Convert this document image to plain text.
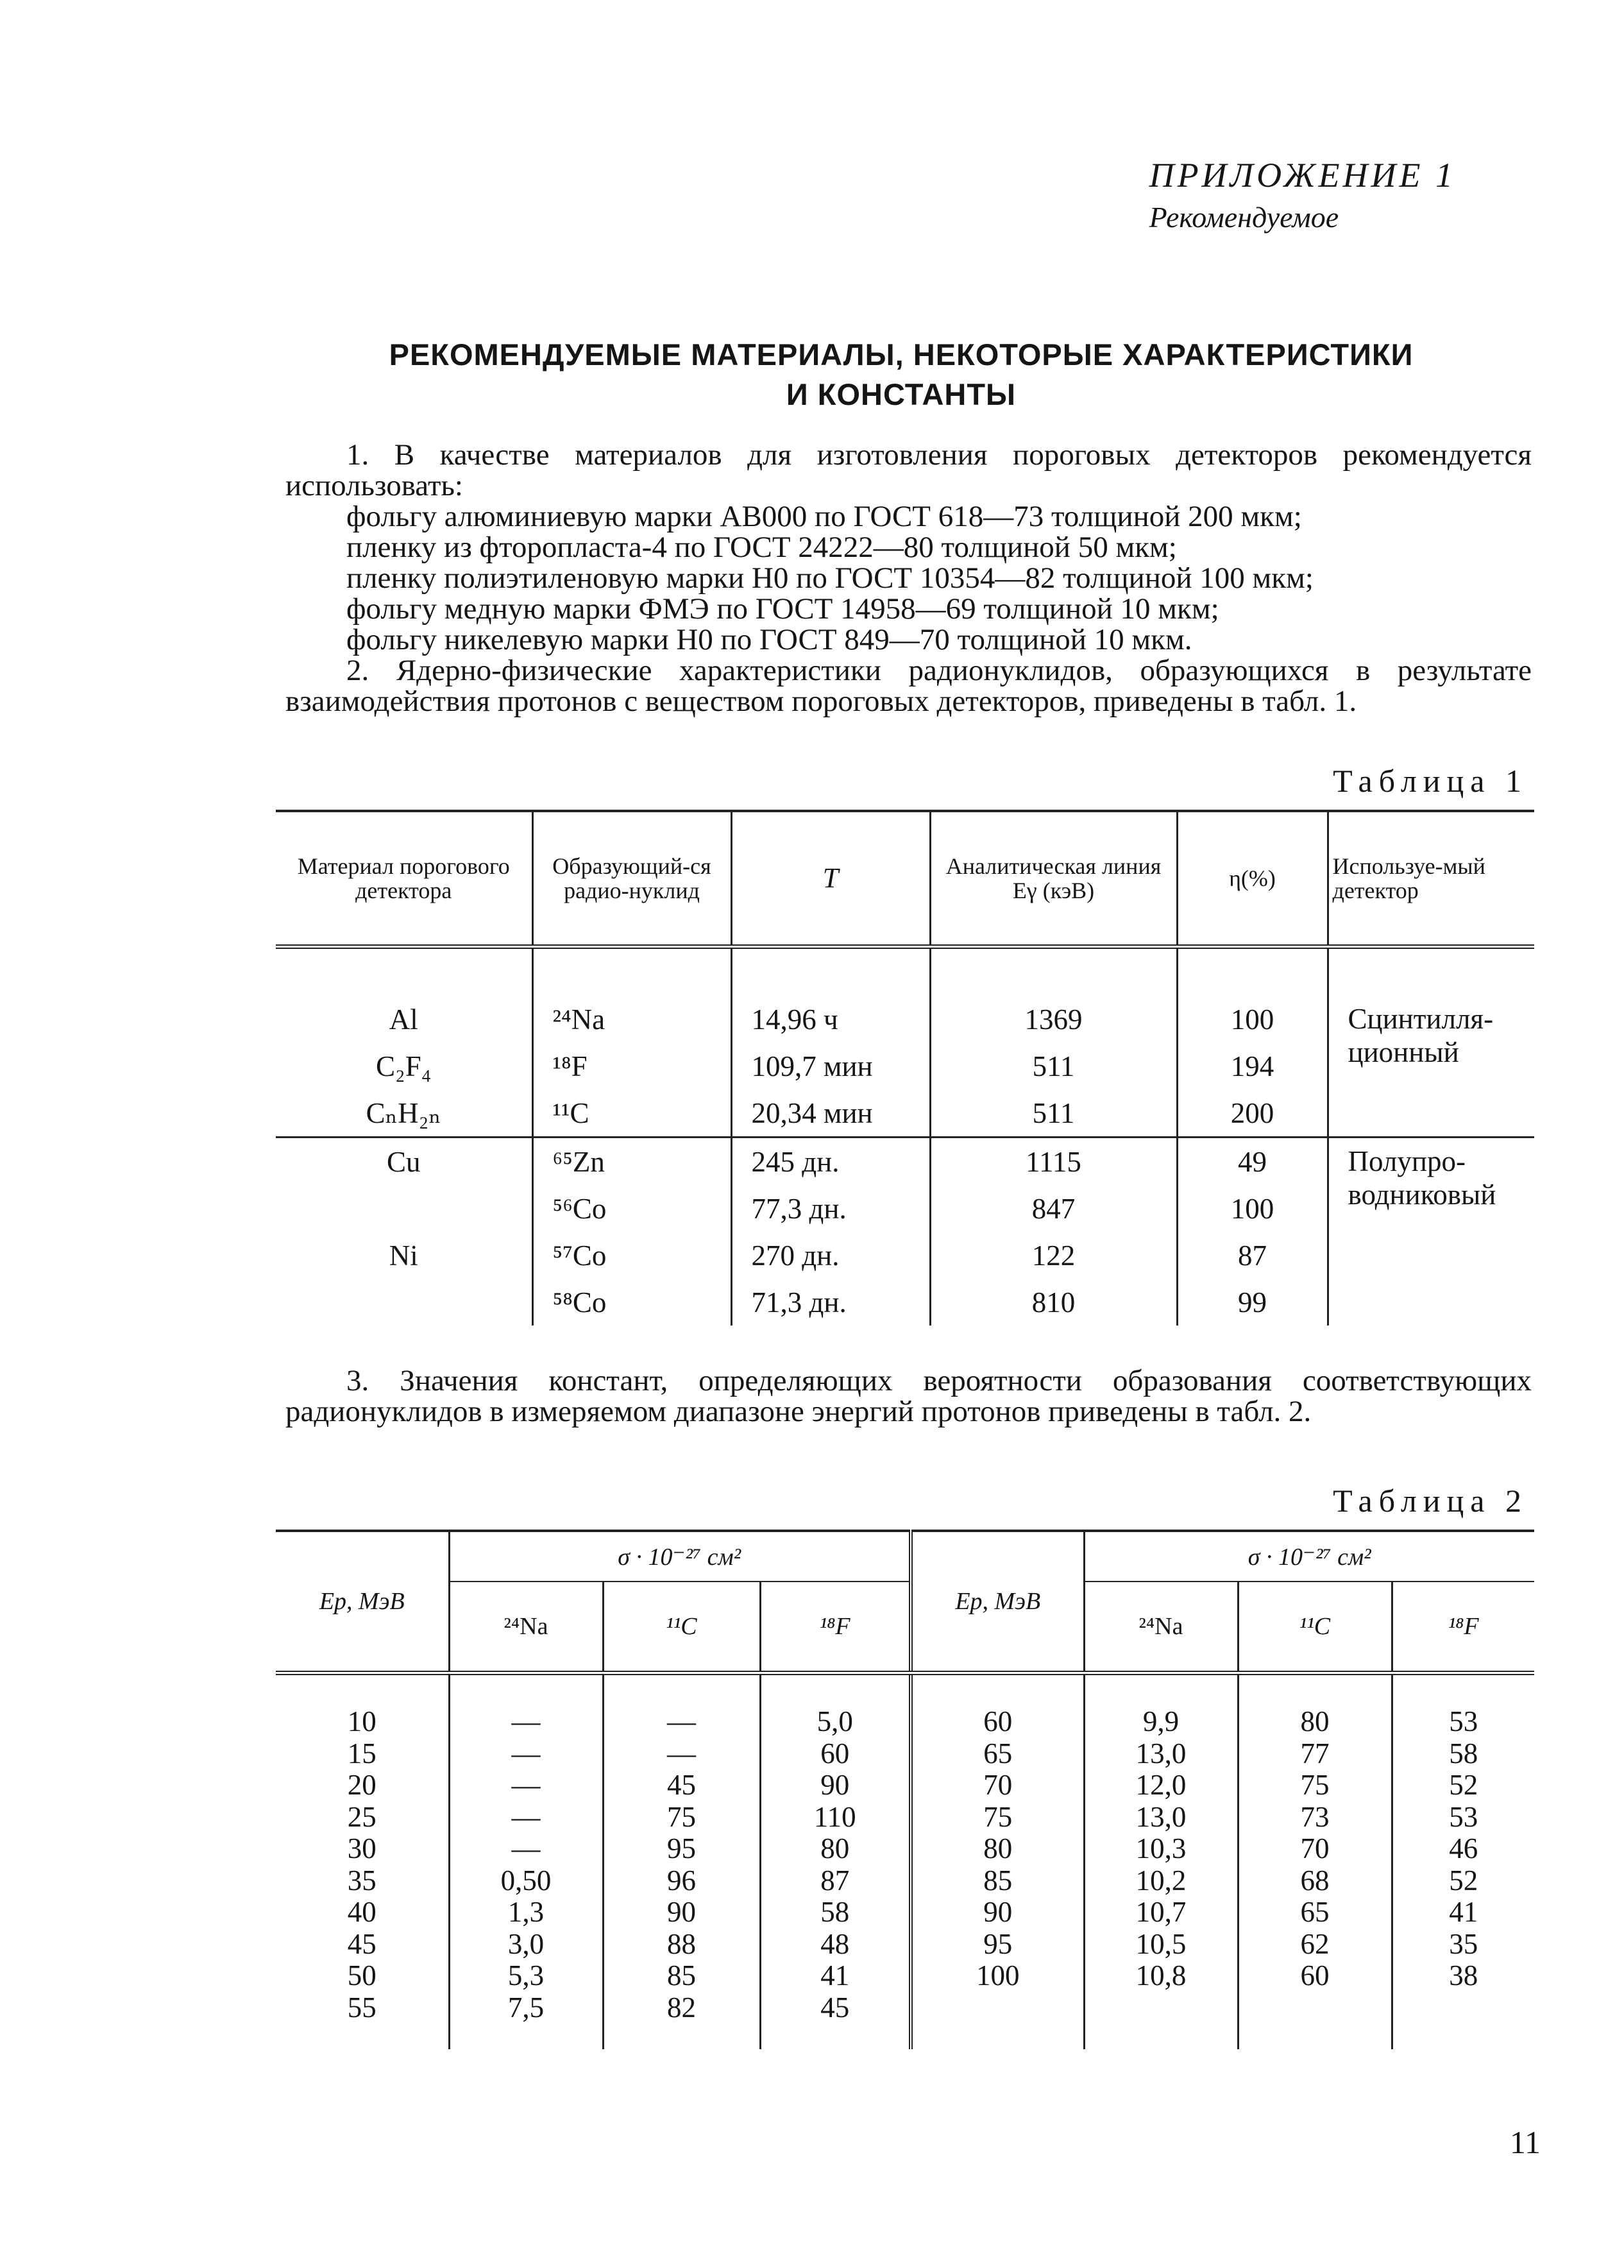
ПРИЛОЖЕНИЕ 1
Рекомендуемое
РЕКОМЕНДУЕМЫЕ МАТЕРИАЛЫ, НЕКОТОРЫЕ ХАРАКТЕРИСТИКИ
И КОНСТАНТЫ

1. В качестве материалов для изготовления пороговых детекторов рекомендуется использовать:

фольгу алюминиевую марки АВ000 по ГОСТ 618—73 толщиной 200 мкм;

пленку из фторопласта-4 по ГОСТ 24222—80 толщиной 50 мкм;

пленку полиэтиленовую марки Н0 по ГОСТ 10354—82 толщиной 100 мкм;

фольгу медную марки ФМЭ по ГОСТ 14958—69 толщиной 10 мкм;

фольгу никелевую марки Н0 по ГОСТ 849—70 толщиной 10 мкм.

2. Ядерно-физические характеристики радионуклидов, образующихся в результате взаимодействия протонов с веществом пороговых детекторов, приведены в табл. 1.

Таблица 1
Материал порогового детектора	Образующий-ся радио-нуклид	T	Аналитическая линия Eγ (кэВ)	η(%)	Используе-мый детектор

Al	²⁴Na	14,96 ч	1369	100	Сцинтилля-ционный
C₂F₄	¹⁸F	109,7 мин	511	194	
CₙH₂ₙ	¹¹C	20,34 мин	511	200	
Cu	⁶⁵Zn	245 дн.	1115	49	Полупро-водниковый
	⁵⁶Co	77,3 дн.	847	100	
Ni	⁵⁷Co	270 дн.	122	87	
	⁵⁸Co	71,3 дн.	810	99	

3. Значения констант, определяющих вероятности образования соответствующих радионуклидов в измеряемом диапазоне энергий протонов приведены в табл. 2.

Таблица 2
Eр, МэВ	σ · 10⁻²⁷ см²			Eр, МэВ	σ · 10⁻²⁷ см²		
	²⁴Na	¹¹C	¹⁸F		²⁴Na	¹¹C	¹⁸F
10	—	—	5,0	60	9,9	80	53
15	—	—	60	65	13,0	77	58
20	—	45	90	70	12,0	75	52
25	—	75	110	75	13,0	73	53
30	—	95	80	80	10,3	70	46
35	0,50	96	87	85	10,2	68	52
40	1,3	90	58	90	10,7	65	41
45	3,0	88	48	95	10,5	62	35
50	5,3	85	41	100	10,8	60	38
55	7,5	82	45				

11
